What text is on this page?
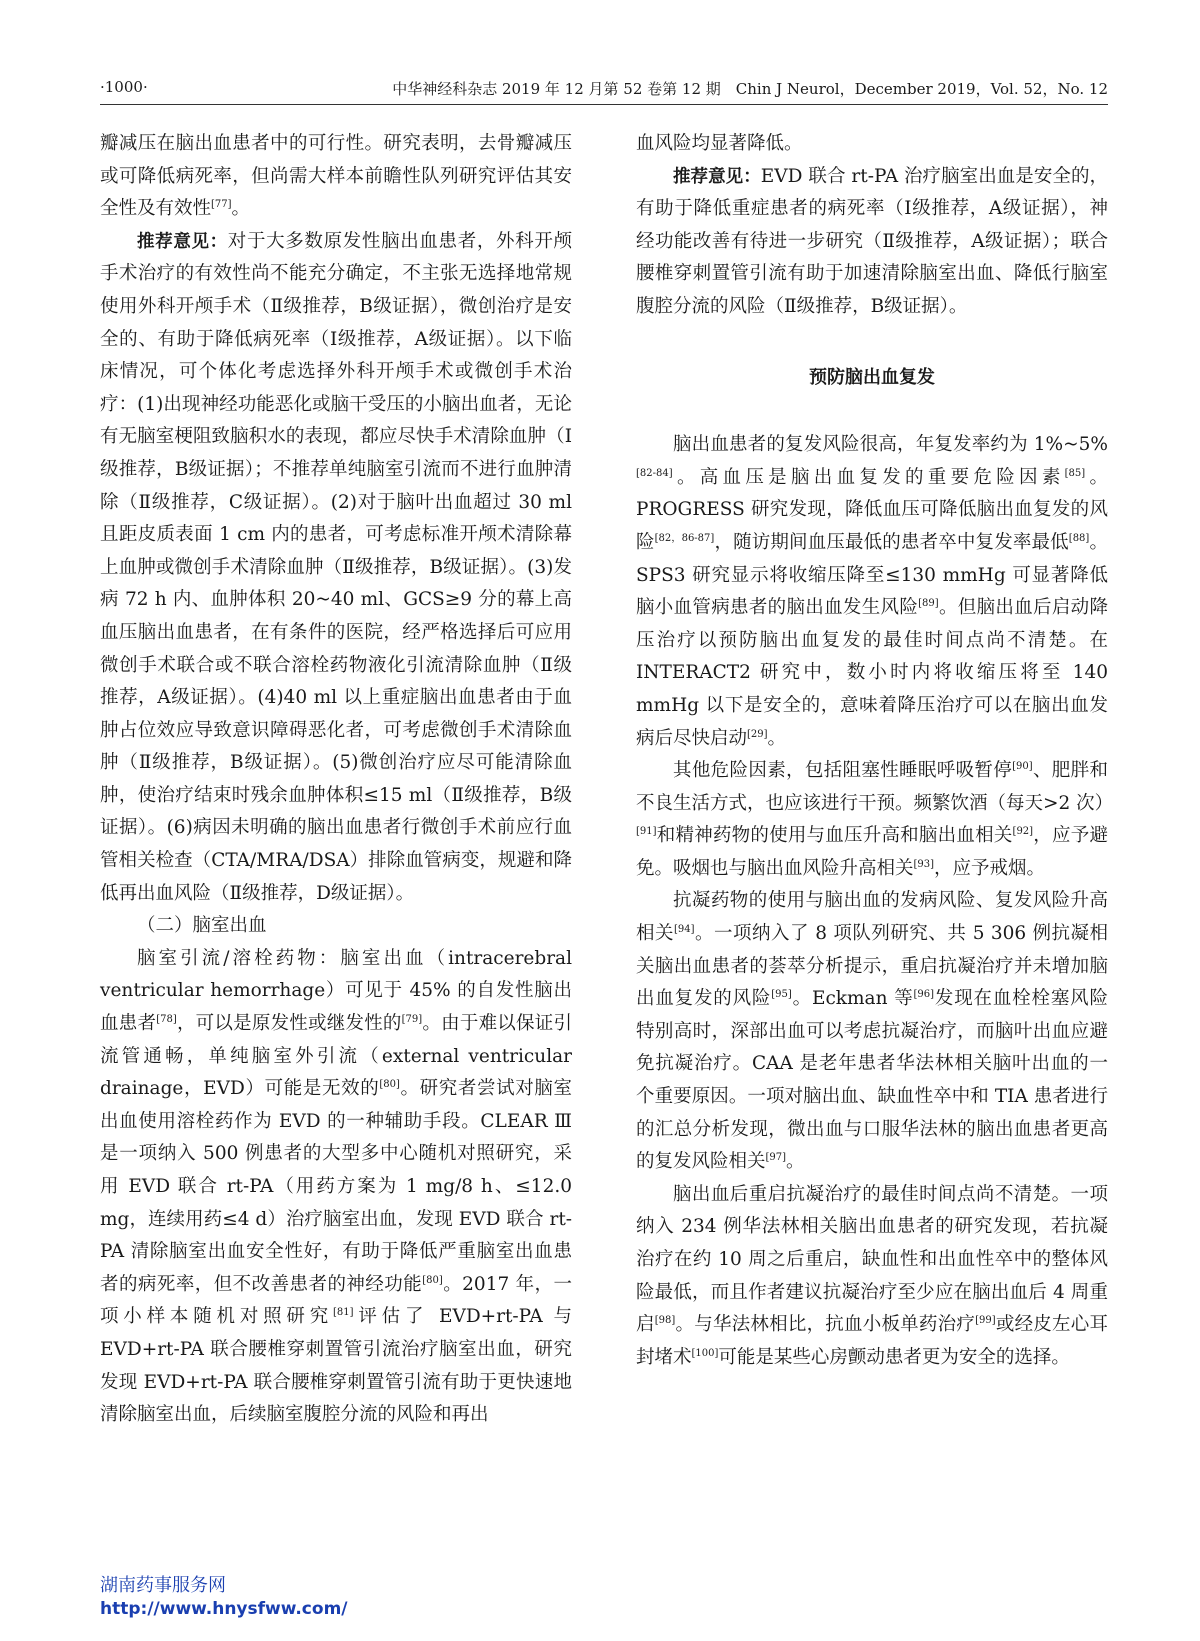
·1000·	中华神经科杂志 2019 年 12 月第 52 卷第 12 期　Chin J Neurol，December 2019，Vol. 52，No. 12

瓣减压在脑出血患者中的可行性。研究表明，去骨瓣减压或可降低病死率，但尚需大样本前瞻性队列研究评估其安全性及有效性[77]。

推荐意见：对于大多数原发性脑出血患者，外科开颅手术治疗的有效性尚不能充分确定，不主张无选择地常规使用外科开颅手术（Ⅱ级推荐，B级证据），微创治疗是安全的、有助于降低病死率（Ⅰ级推荐，A级证据）。以下临床情况，可个体化考虑选择外科开颅手术或微创手术治疗：(1)出现神经功能恶化或脑干受压的小脑出血者，无论有无脑室梗阻致脑积水的表现，都应尽快手术清除血肿（Ⅰ级推荐，B级证据）；不推荐单纯脑室引流而不进行血肿清除（Ⅱ级推荐，C级证据）。(2)对于脑叶出血超过 30 ml 且距皮质表面 1 cm 内的患者，可考虑标准开颅术清除幕上血肿或微创手术清除血肿（Ⅱ级推荐，B级证据）。(3)发病 72 h 内、血肿体积 20~40 ml、GCS≥9 分的幕上高血压脑出血患者，在有条件的医院，经严格选择后可应用微创手术联合或不联合溶栓药物液化引流清除血肿（Ⅱ级推荐，A级证据）。(4)40 ml 以上重症脑出血患者由于血肿占位效应导致意识障碍恶化者，可考虑微创手术清除血肿（Ⅱ级推荐，B级证据）。(5)微创治疗应尽可能清除血肿，使治疗结束时残余血肿体积≤15 ml（Ⅱ级推荐，B级证据）。(6)病因未明确的脑出血患者行微创手术前应行血管相关检查（CTA/MRA/DSA）排除血管病变，规避和降低再出血风险（Ⅱ级推荐，D级证据）。

（二）脑室出血

脑室引流/溶栓药物：脑室出血（intracerebral ventricular hemorrhage）可见于 45% 的自发性脑出血患者[78]，可以是原发性或继发性的[79]。由于难以保证引流管通畅，单纯脑室外引流（external ventricular drainage，EVD）可能是无效的[80]。研究者尝试对脑室出血使用溶栓药作为 EVD 的一种辅助手段。CLEAR Ⅲ是一项纳入 500 例患者的大型多中心随机对照研究，采用 EVD 联合 rt-PA（用药方案为 1 mg/8 h、≤12.0 mg，连续用药≤4 d）治疗脑室出血，发现 EVD 联合 rt-PA 清除脑室出血安全性好，有助于降低严重脑室出血患者的病死率，但不改善患者的神经功能[80]。2017 年，一项小样本随机对照研究[81]评估了 EVD+rt-PA 与 EVD+rt-PA 联合腰椎穿刺置管引流治疗脑室出血，研究发现 EVD+rt-PA 联合腰椎穿刺置管引流有助于更快速地清除脑室出血，后续脑室腹腔分流的风险和再出

血风险均显著降低。

推荐意见：EVD 联合 rt-PA 治疗脑室出血是安全的，有助于降低重症患者的病死率（Ⅰ级推荐，A级证据），神经功能改善有待进一步研究（Ⅱ级推荐，A级证据）；联合腰椎穿刺置管引流有助于加速清除脑室出血、降低行脑室腹腔分流的风险（Ⅱ级推荐，B级证据）。

预防脑出血复发

脑出血患者的复发风险很高，年复发率约为 1%~5%[82-84]。高血压是脑出血复发的重要危险因素[85]。PROGRESS 研究发现，降低血压可降低脑出血复发的风险[82，86-87]，随访期间血压最低的患者卒中复发率最低[88]。SPS3 研究显示将收缩压降至≤130 mmHg 可显著降低脑小血管病患者的脑出血发生风险[89]。但脑出血后启动降压治疗以预防脑出血复发的最佳时间点尚不清楚。在 INTERACT2 研究中，数小时内将收缩压将至 140 mmHg 以下是安全的，意味着降压治疗可以在脑出血发病后尽快启动[29]。

其他危险因素，包括阻塞性睡眠呼吸暂停[90]、肥胖和不良生活方式，也应该进行干预。频繁饮酒（每天>2 次）[91]和精神药物的使用与血压升高和脑出血相关[92]，应予避免。吸烟也与脑出血风险升高相关[93]，应予戒烟。

抗凝药物的使用与脑出血的发病风险、复发风险升高相关[94]。一项纳入了 8 项队列研究、共 5 306 例抗凝相关脑出血患者的荟萃分析提示，重启抗凝治疗并未增加脑出血复发的风险[95]。Eckman 等[96]发现在血栓栓塞风险特别高时，深部出血可以考虑抗凝治疗，而脑叶出血应避免抗凝治疗。CAA 是老年患者华法林相关脑叶出血的一个重要原因。一项对脑出血、缺血性卒中和 TIA 患者进行的汇总分析发现，微出血与口服华法林的脑出血患者更高的复发风险相关[97]。

脑出血后重启抗凝治疗的最佳时间点尚不清楚。一项纳入 234 例华法林相关脑出血患者的研究发现，若抗凝治疗在约 10 周之后重启，缺血性和出血性卒中的整体风险最低，而且作者建议抗凝治疗至少应在脑出血后 4 周重启[98]。与华法林相比，抗血小板单药治疗[99]或经皮左心耳封堵术[100]可能是某些心房颤动患者更为安全的选择。

湖南药事服务网
http://www.hnysfww.com/
